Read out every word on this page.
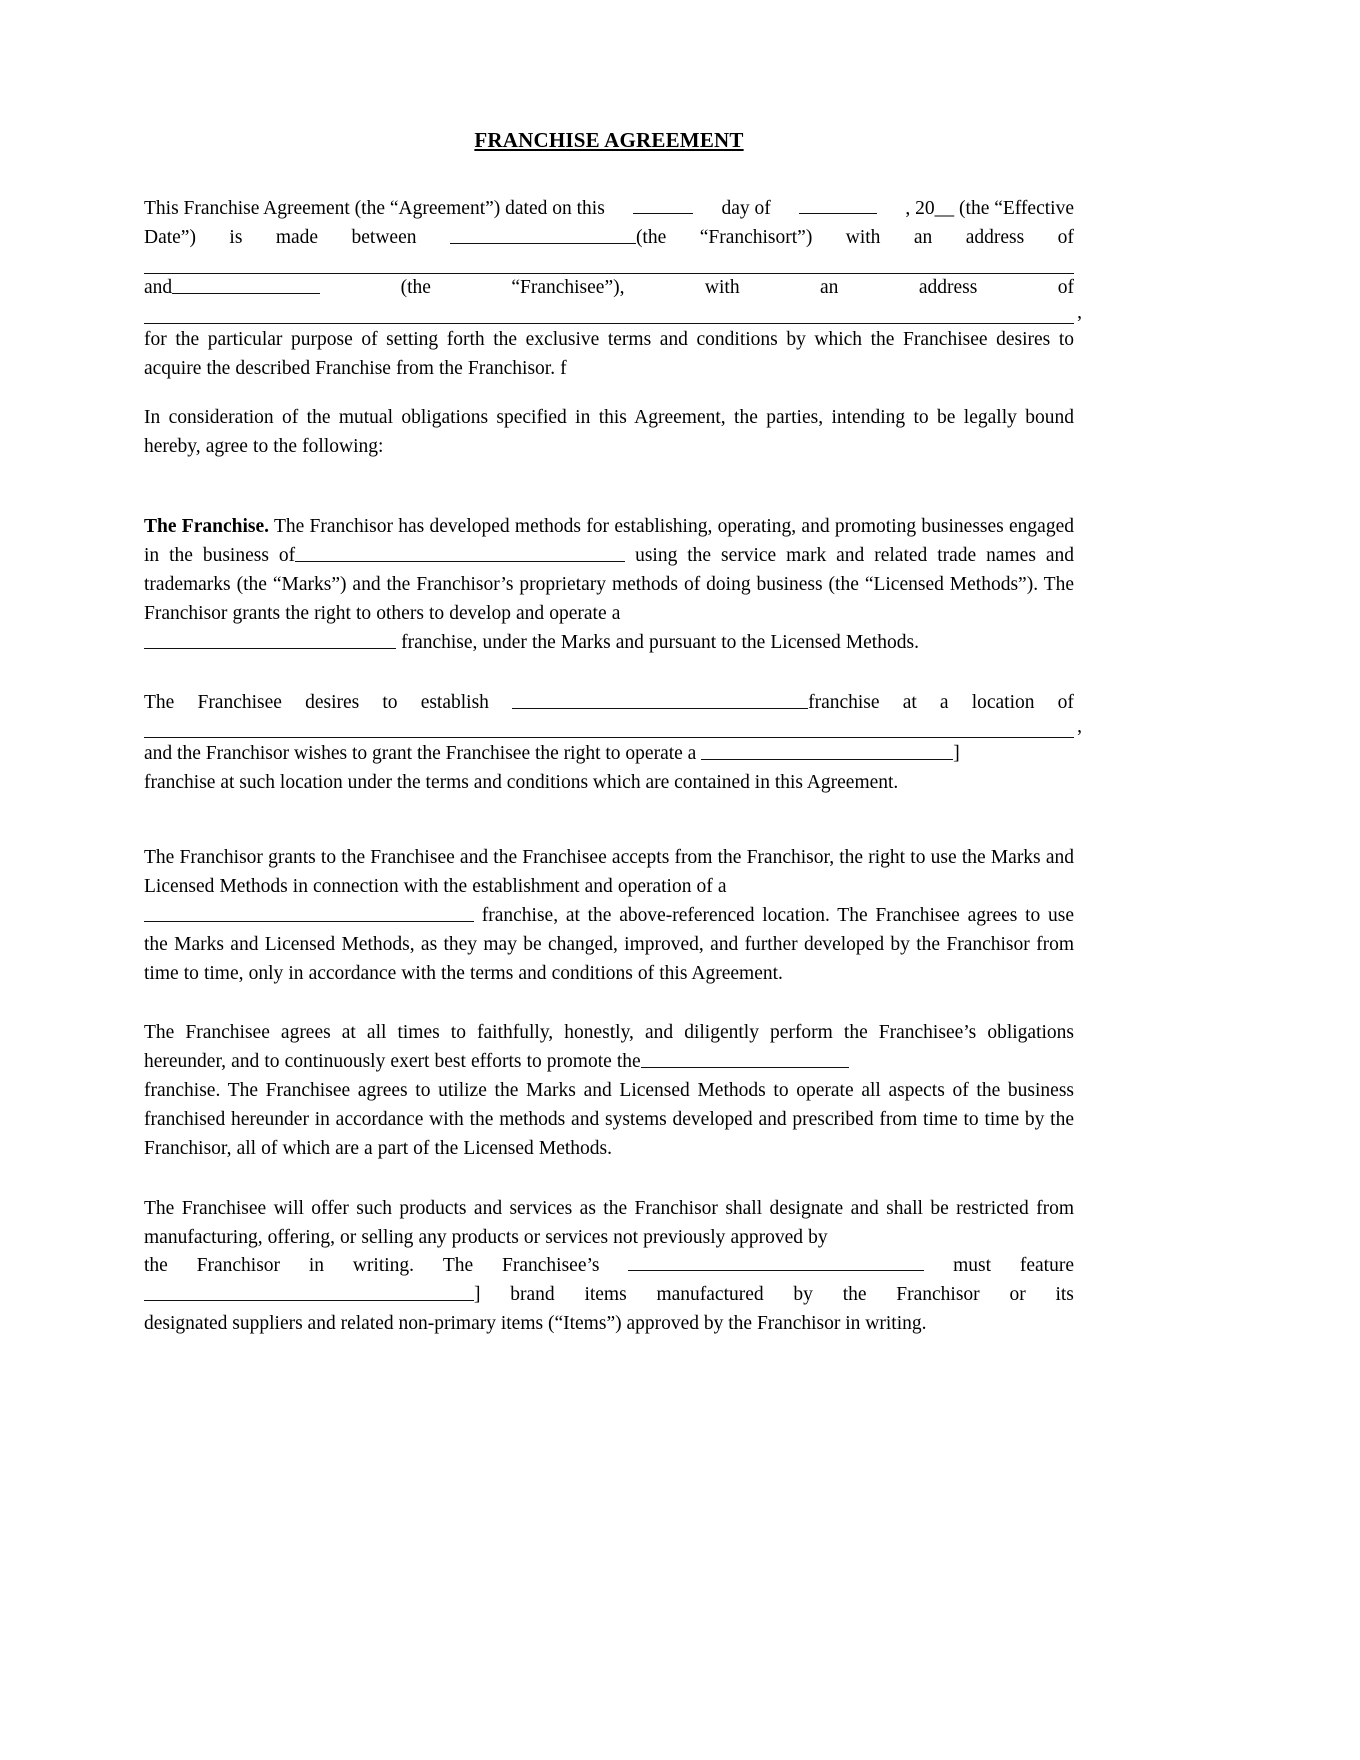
FRANCHISE AGREEMENT
This Franchise Agreement (the “Agreement”) dated on this	day of	, 20__ (the “Effective
Date”) is made between	(the “Franchisort”) with an address of
and	(the	“Franchisee”),	with	an	address	of
,

for the particular purpose of setting forth the exclusive terms and conditions by which the Franchisee desires to acquire the described Franchise from the Franchisor. f

In consideration of the mutual obligations specified in this Agreement, the parties, intending to be legally bound hereby, agree to the following:

The Franchise. The Franchisor has developed methods for establishing, operating, and promoting businesses engaged in the business of	using the service mark and related trade names and trademarks (the “Marks”) and the Franchisor’s proprietary methods of doing business (the “Licensed Methods”). The Franchisor grants the right to others to develop and operate a
franchise, under the Marks and pursuant to the Licensed Methods.

The Franchisee desires to establish	franchise at a location of
,
and the Franchisor wishes to grant the Franchisee the right to operate a	]
franchise at such location under the terms and conditions which are contained in this Agreement.

The Franchisor grants to the Franchisee and the Franchisee accepts from the Franchisor, the right to use the Marks and Licensed Methods in connection with the establishment and operation of a
franchise, at the above-referenced location. The Franchisee agrees to use the Marks and Licensed Methods, as they may be changed, improved, and further developed by the Franchisor from time to time, only in accordance with the terms and conditions of this Agreement.

The Franchisee agrees at all times to faithfully, honestly, and diligently perform the Franchisee’s obligations hereunder, and to continuously exert best efforts to promote the
franchise. The Franchisee agrees to utilize the Marks and Licensed Methods to operate all aspects of the business franchised hereunder in accordance with the methods and systems developed and prescribed from time to time by the Franchisor, all of which are a part of the Licensed Methods.

The Franchisee will offer such products and services as the Franchisor shall designate and shall be restricted from manufacturing, offering, or selling any products or services not previously approved by

the Franchisor in writing. The Franchisee’s	must feature
] brand items manufactured by the Franchisor or its
designated suppliers and related non-primary items (“Items”) approved by the Franchisor in writing.
